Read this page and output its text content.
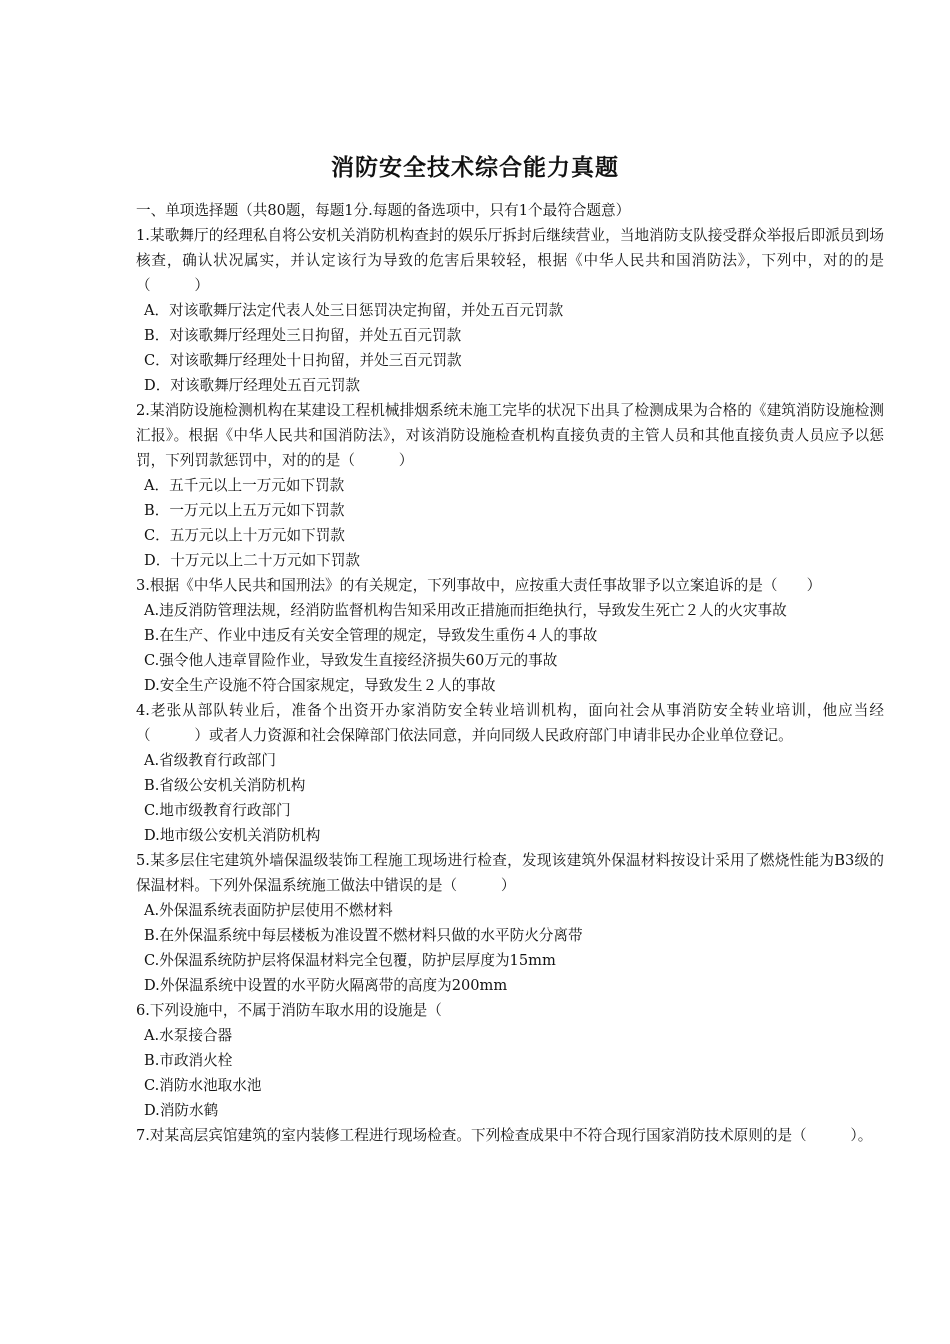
消防安全技术综合能力真题

一、单项选择题（共80题，每题1分.每题的备选项中，只有1个最符合题意）

1.某歌舞厅的经理私自将公安机关消防机构查封的娱乐厅拆封后继续营业，当地消防支队接受群众举报后即派员到场核查，确认状况属实，并认定该行为导致的危害后果较轻，根据《中华人民共和国消防法》，下列中，对的的是（　　　）

A．对该歌舞厅法定代表人处三日惩罚决定拘留，并处五百元罚款

B．对该歌舞厅经理处三日拘留，并处五百元罚款

C．对该歌舞厅经理处十日拘留，并处三百元罚款

D．对该歌舞厅经理处五百元罚款

2.某消防设施检测机构在某建设工程机械排烟系统未施工完毕的状况下出具了检测成果为合格的《建筑消防设施检测汇报》。根据《中华人民共和国消防法》，对该消防设施检查机构直接负责的主管人员和其他直接负责人员应予以惩罚，下列罚款惩罚中，对的的是（　　　）

A．五千元以上一万元如下罚款

B．一万元以上五万元如下罚款

C．五万元以上十万元如下罚款

D．十万元以上二十万元如下罚款

3.根据《中华人民共和国刑法》的有关规定，下列事故中，应按重大责任事故罪予以立案追诉的是（　　）

A.违反消防管理法规，经消防监督机构告知采用改正措施而拒绝执行，导致发生死亡２人的火灾事故

B.在生产、作业中违反有关安全管理的规定，导致发生重伤４人的事故

C.强令他人违章冒险作业，导致发生直接经济损失60万元的事故

D.安全生产设施不符合国家规定，导致发生２人的事故

4.老张从部队转业后，准备个出资开办家消防安全转业培训机构，面向社会从事消防安全转业培训，他应当经（　　　）或者人力资源和社会保障部门依法同意，并向同级人民政府部门申请非民办企业单位登记。

A.省级教育行政部门

B.省级公安机关消防机构

C.地市级教育行政部门

D.地市级公安机关消防机构

5.某多层住宅建筑外墙保温级装饰工程施工现场进行检查，发现该建筑外保温材料按设计采用了燃烧性能为B3级的保温材料。下列外保温系统施工做法中错误的是（　　　）

A.外保温系统表面防护层使用不燃材料

B.在外保温系统中每层楼板为准设置不燃材料只做的水平防火分离带

C.外保温系统防护层将保温材料完全包覆，防护层厚度为15mm

D.外保温系统中设置的水平防火隔离带的高度为200mm

6.下列设施中，不属于消防车取水用的设施是（

A.水泵接合器

B.市政消火栓

C.消防水池取水池

D.消防水鹤

7.对某高层宾馆建筑的室内装修工程进行现场检查。下列检查成果中不符合现行国家消防技术原则的是（　　　）。
